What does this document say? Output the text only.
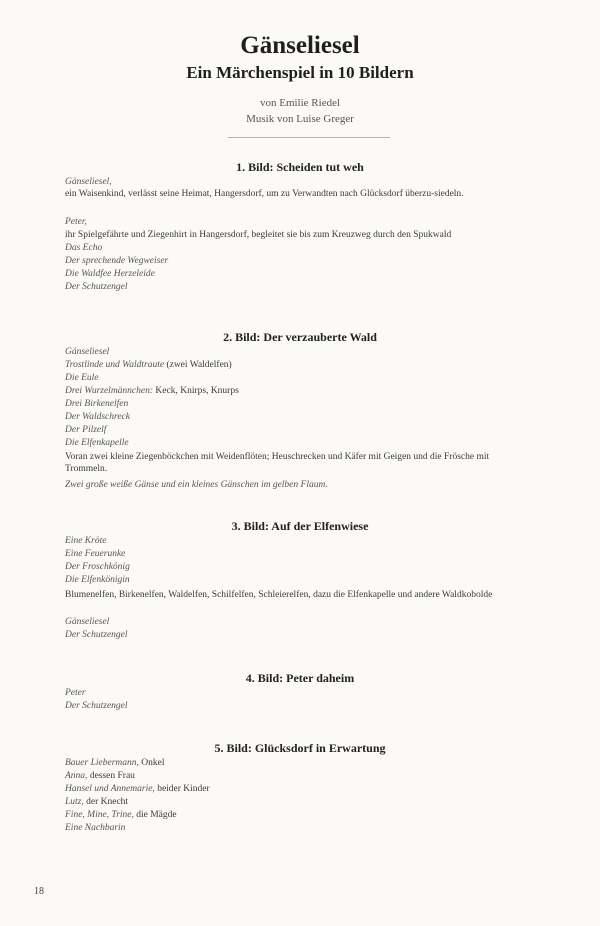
Gänseliesel
Ein Märchenspiel in 10 Bildern
von Emilie Riedel
Musik von Luise Greger
1. Bild: Scheiden tut weh
Gänseliesel,
ein Waisenkind, verlässt seine Heimat, Hangersdorf, um zu Verwandten nach Glücksdorf überzu-siedeln.
Peter,
ihr Spielgefährte und Ziegenhirt in Hangersdorf, begleitet sie bis zum Kreuzweg durch den Spukwald
Das Echo
Der sprechende Wegweiser
Die Waldfee Herzeleide
Der Schutzengel
2. Bild: Der verzauberte Wald
Gänseliesel
Trostlinde und Waldtraute (zwei Waldelfen)
Die Eule
Drei Wurzelmännchen: Keck, Knirps, Knurps
Drei Birkenelfen
Der Waldschreck
Der Pilzelf
Die Elfenkapelle
Voran zwei kleine Ziegenböckchen mit Weidenflöten; Heuschrecken und Käfer mit Geigen und die Frösche mit Trommeln.
Zwei große weiße Gänse und ein kleines Gänschen im gelben Flaum.
3. Bild: Auf der Elfenwiese
Eine Kröte
Eine Feuerunke
Der Froschkönig
Die Elfenkönigin
Blumenelfen, Birkenelfen, Waldelfen, Schilfelfen, Schleierelfen, dazu die Elfenkapelle und andere Waldkobolde
Gänseliesel
Der Schutzengel
4. Bild: Peter daheim
Peter
Der Schutzengel
5. Bild: Glücksdorf in Erwartung
Bauer Liebermann, Onkel
Anna, dessen Frau
Hansel und Annemarie, beider Kinder
Lutz, der Knecht
Fine, Mine, Trine, die Mägde
Eine Nachbarin
18
